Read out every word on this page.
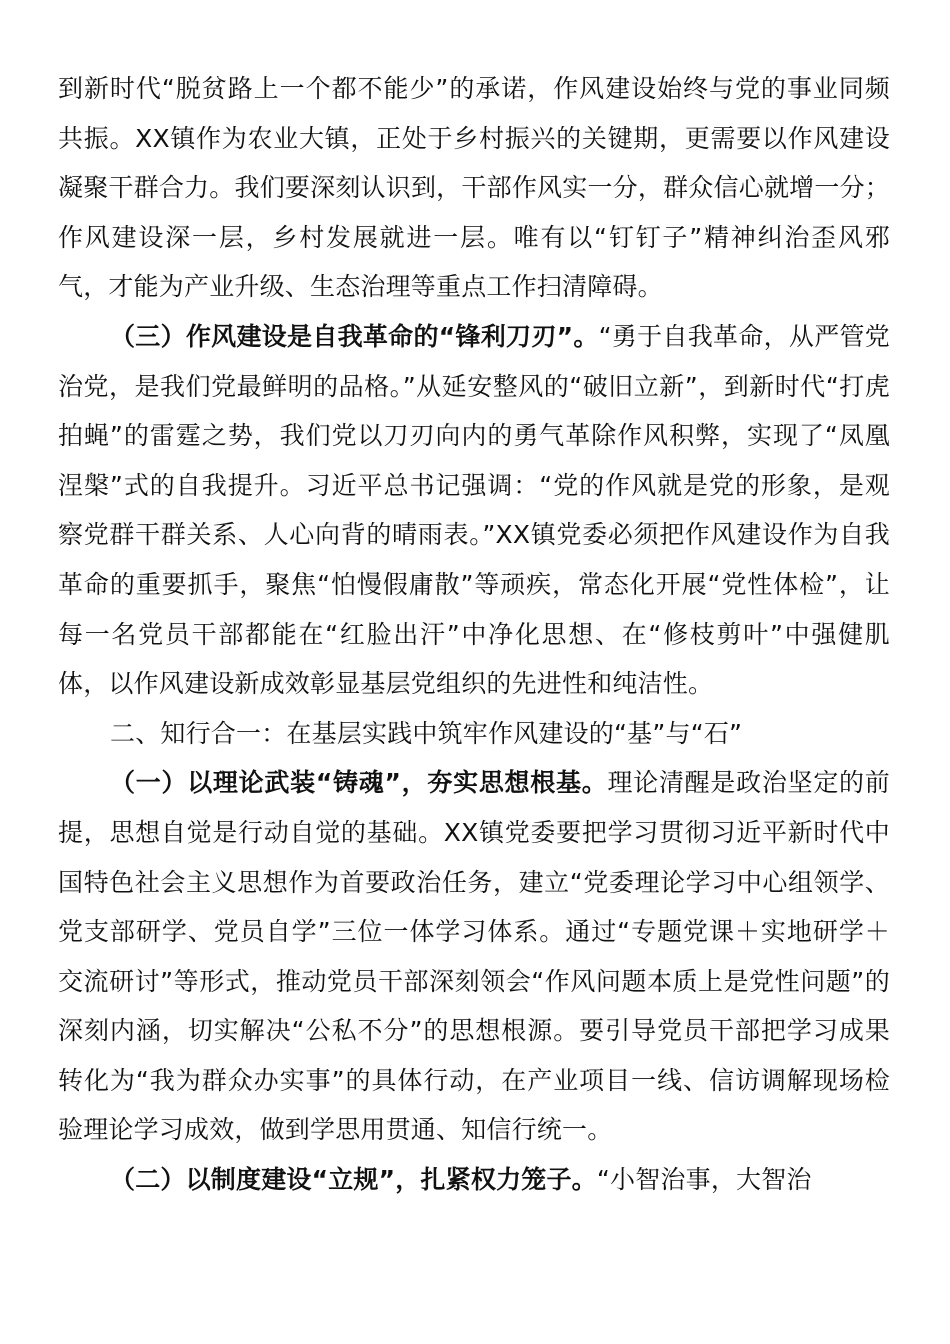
到新时代“脱贫路上一个都不能少”的承诺，作风建设始终与党的事业同频共振。XX镇作为农业大镇，正处于乡村振兴的关键期，更需要以作风建设凝聚干群合力。我们要深刻认识到，干部作风实一分，群众信心就增一分；作风建设深一层，乡村发展就进一层。唯有以“钉钉子”精神纠治歪风邪气，才能为产业升级、生态治理等重点工作扫清障碍。

（三）作风建设是自我革命的“锋利刀刃”。“勇于自我革命，从严管党治党，是我们党最鲜明的品格。”从延安整风的“破旧立新”，到新时代“打虎拍蝇”的雷霆之势，我们党以刀刃向内的勇气革除作风积弊，实现了“凤凰涅槃”式的自我提升。习近平总书记强调：“党的作风就是党的形象，是观察党群干群关系、人心向背的晴雨表。”XX镇党委必须把作风建设作为自我革命的重要抓手，聚焦“怕慢假庸散”等顽疾，常态化开展“党性体检”，让每一名党员干部都能在“红脸出汗”中净化思想、在“修枝剪叶”中强健肌体，以作风建设新成效彰显基层党组织的先进性和纯洁性。

二、知行合一：在基层实践中筑牢作风建设的“基”与“石”

（一）以理论武装“铸魂”，夯实思想根基。理论清醒是政治坚定的前提，思想自觉是行动自觉的基础。XX镇党委要把学习贯彻习近平新时代中国特色社会主义思想作为首要政治任务，建立“党委理论学习中心组领学、党支部研学、党员自学”三位一体学习体系。通过“专题党课＋实地研学＋交流研讨”等形式，推动党员干部深刻领会“作风问题本质上是党性问题”的深刻内涵，切实解决“公私不分”的思想根源。要引导党员干部把学习成果转化为“我为群众办实事”的具体行动，在产业项目一线、信访调解现场检验理论学习成效，做到学思用贯通、知信行统一。

（二）以制度建设“立规”，扎紧权力笼子。“小智治事，大智治
